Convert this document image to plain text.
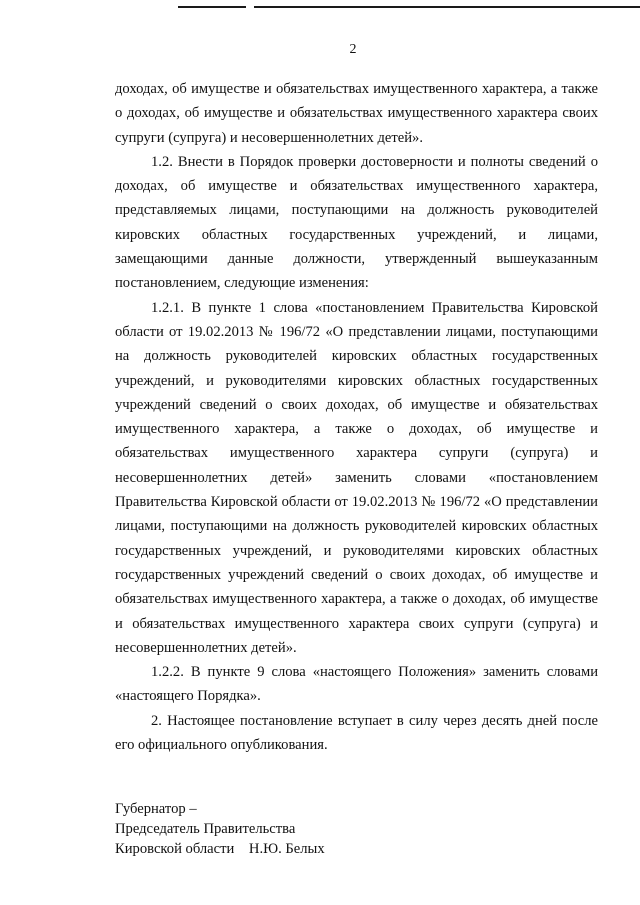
2

доходах, об имуществе и обязательствах имущественного характера, а также о доходах, об имуществе и обязательствах имущественного характера своих супруги (супруга) и несовершеннолетних детей».

1.2. Внести в Порядок проверки достоверности и полноты сведений о доходах, об имуществе и обязательствах имущественного характера, представляемых лицами, поступающими на должность руководителей кировских областных государственных учреждений, и лицами, замещающими данные должности, утвержденный вышеуказанным постановлением, следующие изменения:

1.2.1. В пункте 1 слова «постановлением Правительства Кировской области от 19.02.2013 № 196/72 «О представлении лицами, поступающими на должность руководителей кировских областных государственных учреждений, и руководителями кировских областных государственных учреждений сведений о своих доходах, об имуществе и обязательствах имущественного характера, а также о доходах, об имуществе и обязательствах имущественного характера супруги (супруга) и несовершеннолетних детей» заменить словами «постановлением Правительства Кировской области от 19.02.2013 № 196/72 «О представлении лицами, поступающими на должность руководителей кировских областных государственных учреждений, и руководителями кировских областных государственных учреждений сведений о своих доходах, об имуществе и обязательствах имущественного характера, а также о доходах, об имуществе и обязательствах имущественного характера своих супруги (супруга) и несовершеннолетних детей».

1.2.2. В пункте 9 слова «настоящего Положения» заменить словами «настоящего Порядка».

2. Настоящее постановление вступает в силу через десять дней после его официального опубликования.

Губернатор –
Председатель Правительства
Кировской области    Н.Ю. Белых
